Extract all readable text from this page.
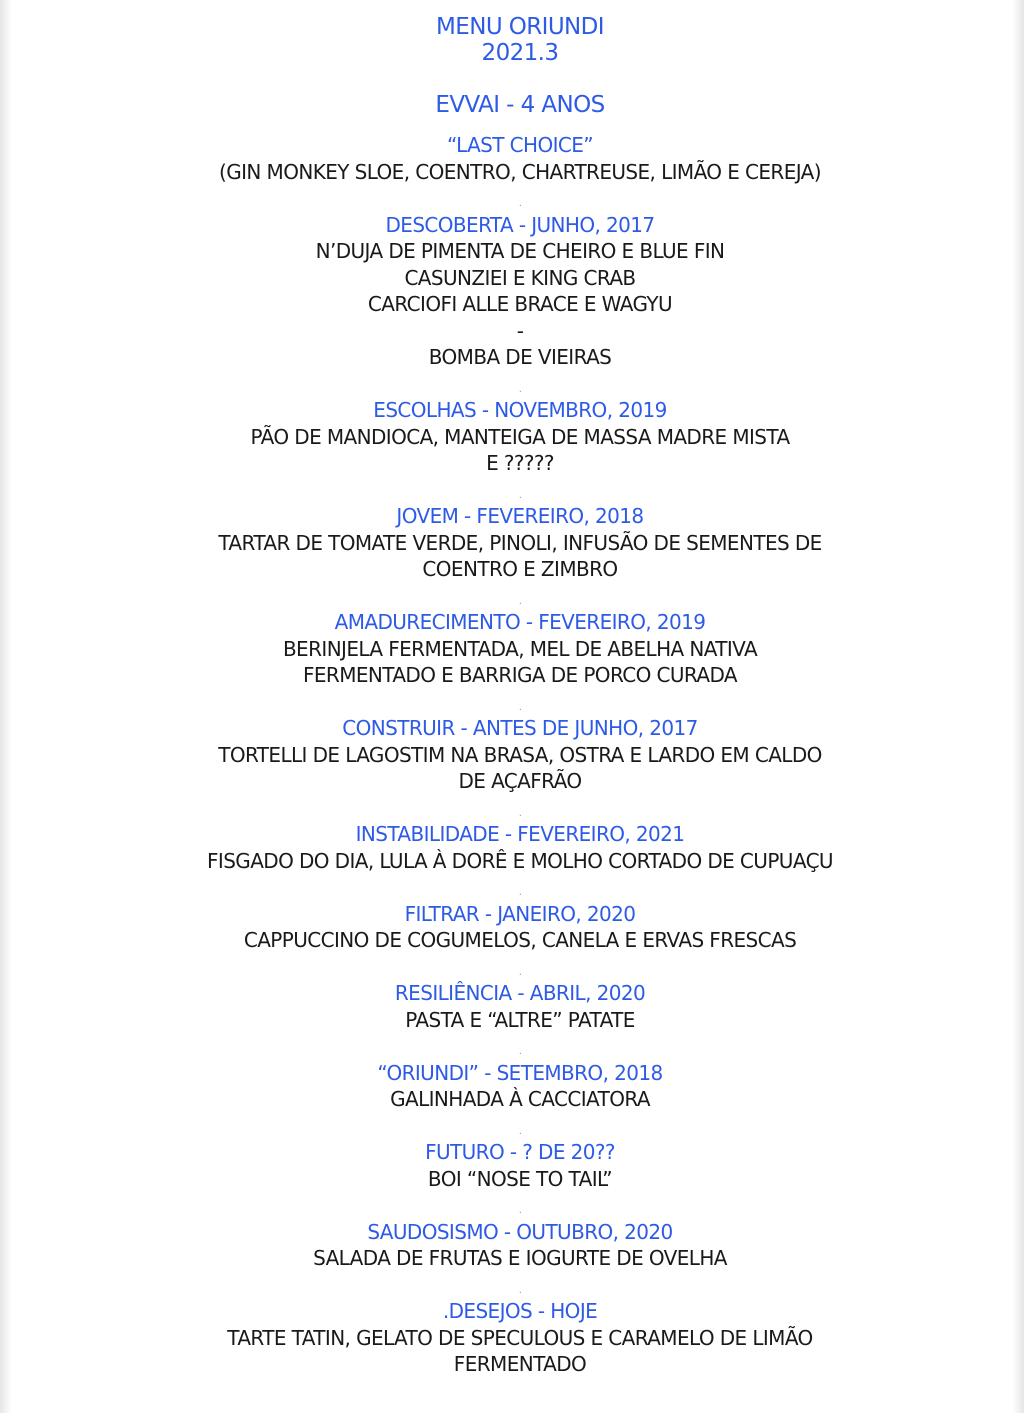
MENU ORIUNDI
2021.3
EVVAI - 4 ANOS
“LAST CHOICE”
(GIN MONKEY SLOE, COENTRO, CHARTREUSE, LIMÃO E CEREJA)
.
DESCOBERTA - JUNHO, 2017
N’DUJA DE PIMENTA DE CHEIRO E BLUE FIN
CASUNZIEI E KING CRAB
CARCIOFI ALLE BRACE E WAGYU
-
BOMBA DE VIEIRAS
.
ESCOLHAS - NOVEMBRO, 2019
PÃO DE MANDIOCA, MANTEIGA DE MASSA MADRE MISTA
E ?????
.
JOVEM - FEVEREIRO, 2018
TARTAR DE TOMATE VERDE, PINOLI, INFUSÃO DE SEMENTES DE
COENTRO E ZIMBRO
.
AMADURECIMENTO - FEVEREIRO, 2019
BERINJELA FERMENTADA, MEL DE ABELHA NATIVA
FERMENTADO E BARRIGA DE PORCO CURADA
.
CONSTRUIR - ANTES DE JUNHO, 2017
TORTELLI DE LAGOSTIM NA BRASA, OSTRA E LARDO EM CALDO
DE AÇAFRÃO
.
INSTABILIDADE - FEVEREIRO, 2021
FISGADO DO DIA, LULA À DORÊ E MOLHO CORTADO DE CUPUAÇU
.
FILTRAR - JANEIRO, 2020
CAPPUCCINO DE COGUMELOS, CANELA E ERVAS FRESCAS
.
RESILIÊNCIA - ABRIL, 2020
PASTA E “ALTRE” PATATE
.
“ORIUNDI” - SETEMBRO, 2018
GALINHADA À CACCIATORA
.
FUTURO - ? DE 20??
BOI “NOSE TO TAIL”
.
SAUDOSISMO - OUTUBRO, 2020
SALADA DE FRUTAS E IOGURTE DE OVELHA
.
.DESEJOS - HOJE
TARTE TATIN, GELATO DE SPECULOUS E CARAMELO DE LIMÃO
FERMENTADO
